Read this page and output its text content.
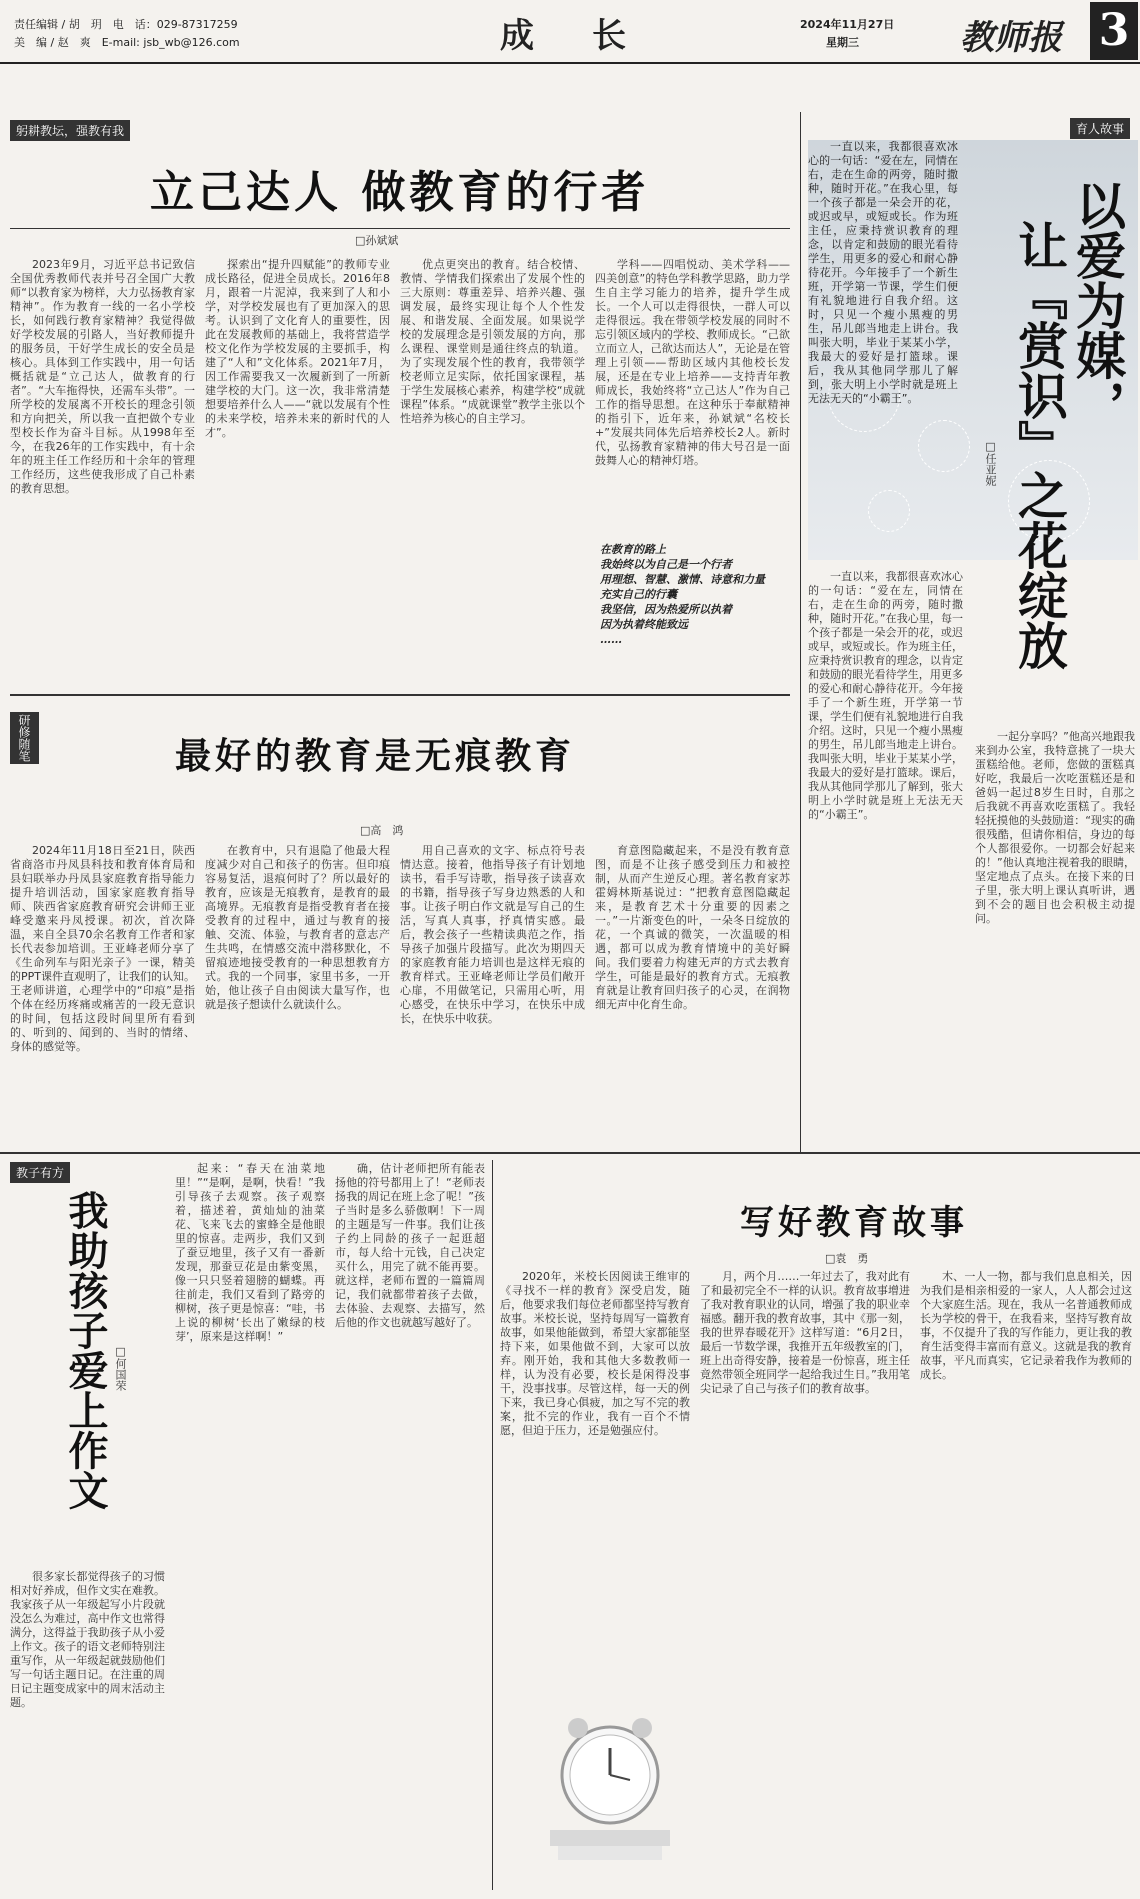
责任编辑 / 胡　玥　电　话：029-87317259
美　编 / 赵　爽　E-mail: jsb_wb@126.com	成　长	2024年11月27日
星期三	教师报 3
躬耕教坛，强教有我
立己达人 做教育的行者
□孙斌斌

2023年9月，习近平总书记致信全国优秀教师代表并号召全国广大教师“以教育家为榜样，大力弘扬教育家精神”。作为教育一线的一名小学校长，如何践行教育家精神？我觉得做好学校发展的引路人，当好教师提升的服务员，干好学生成长的安全员是核心。具体到工作实践中，用一句话概括就是“立己达人，做教育的行者”。“大车拖得快，还需车头带”。一所学校的发展离不开校长的理念引领和方向把关，所以我一直把做个专业型校长作为奋斗目标。从1998年至今，在我26年的工作实践中，有十余年的班主任工作经历和十余年的管理工作经历，这些使我形成了自己朴素的教育思想。

探索出“提升四赋能”的教师专业成长路径，促进全员成长。2016年8月，跟着一片泥淖，我来到了人和小学，对学校发展也有了更加深入的思考。认识到了文化育人的重要性，因此在发展教师的基础上，我将营造学校文化作为学校发展的主要抓手，构建了“人和”文化体系。2021年7月，因工作需要我又一次履新到了一所新建学校的大门。这一次，我非常清楚想要培养什么人——“就以发展有个性的未来学校，培养未来的新时代的人才”。

优点更突出的教育。结合校情、教情、学情我们探索出了发展个性的三大原则：尊重差异、培养兴趣、强调发展，最终实现让每个人个性发展、和谐发展、全面发展。如果说学校的发展理念是引领发展的方向，那么课程、课堂则是通往终点的轨道。为了实现发展个性的教育，我带领学校老师立足实际，依托国家课程，基于学生发展核心素养，构建学校“成就课程”体系。“成就课堂”教学主张以个性培养为核心的自主学习。

学科——四唱悦动、美术学科——四美创意”的特色学科教学思路，助力学生自主学习能力的培养，提升学生成长。一个人可以走得很快，一群人可以走得很远。我在带领学校发展的同时不忘引领区域内的学校、教师成长。“己欲立而立人，己欲达而达人”，无论是在管理上引领——帮助区域内其他校长发展，还是在专业上培养——支持青年教师成长，我始终将“立己达人”作为自己工作的指导思想。在这种乐于奉献精神的指引下，近年来，孙斌斌“名校长+”发展共同体先后培养校长2人。新时代，弘扬教育家精神的伟大号召是一面鼓舞人心的精神灯塔。

在教育的路上
我始终以为自己是一个行者
用理想、智慧、激情、诗意和力量
充实自己的行囊
我坚信，因为热爱所以执着
因为执着终能致远
……
研修随笔	最好的教育是无痕教育
□高　鸿

2024年11月18日至21日，陕西省商洛市丹凤县科技和教育体育局和县妇联举办丹凤县家庭教育指导能力提升培训活动，国家家庭教育指导师、陕西省家庭教育研究会讲师王亚峰受邀来丹凤授课。初次，首次降温，来自全县70余名教育工作者和家长代表参加培训。王亚峰老师分享了《生命列车与阳光亲子》一课，精美的PPT课件直观明了，让我们的认知。王老师讲道，心理学中的“印痕”是指个体在经历疼痛或痛苦的一段无意识的时间，包括这段时间里所有看到的、听到的、闻到的、当时的情绪、身体的感觉等。

在教育中，只有退隐了他最大程度减少对自己和孩子的伤害。但印痕容易复活，退痕何时了？所以最好的教育，应该是无痕教育，是教育的最高境界。无痕教育是指受教育者在接受教育的过程中，通过与教育的接触、交流、体验，与教育者的意志产生共鸣，在情感交流中潜移默化，不留痕迹地接受教育的一种思想教育方式。我的一个同事，家里书多，一开始，他让孩子自由阅读大量写作，也就是孩子想读什么就读什么。

用自己喜欢的文字、标点符号表情达意。接着，他指导孩子有计划地读书，看手写诗歌，指导孩子读喜欢的书籍，指导孩子写身边熟悉的人和事。让孩子明白作文就是写自己的生活，写真人真事，抒真情实感。最后，教会孩子一些精读典范之作，指导孩子加强片段描写。此次为期四天的家庭教育能力培训也是这样无痕的教育样式。王亚峰老师让学员们敞开心扉，不用做笔记，只需用心听，用心感受，在快乐中学习，在快乐中成长，在快乐中收获。

育意图隐藏起来，不是没有教育意图，而是不让孩子感受到压力和被控制，从而产生逆反心理。著名教育家苏霍姆林斯基说过：“把教育意图隐藏起来，是教育艺术十分重要的因素之一。”一片渐变色的叶，一朵冬日绽放的花，一个真诚的微笑，一次温暖的相遇，都可以成为教育情境中的美好瞬间。我们要着力构建无声的方式去教育学生，可能是最好的教育方式。无痕教育就是让教育回归孩子的心灵，在润物细无声中化育生命。

育人故事

一直以来，我都很喜欢冰心的一句话：“爱在左，同情在右，走在生命的两旁，随时撒种，随时开花。”在我心里，每一个孩子都是一朵会开的花，或迟或早，或短或长。作为班主任，应秉持赏识教育的理念，以肯定和鼓励的眼光看待学生，用更多的爱心和耐心静待花开。今年接手了一个新生班，开学第一节课，学生们便有礼貌地进行自我介绍。这时，只见一个瘦小黑瘦的男生，吊儿郎当地走上讲台。我叫张大明，毕业于某某小学，我最大的爱好是打篮球。课后，我从其他同学那儿了解到，张大明上小学时就是班上无法无天的“小霸王”。	以爱为媒，
让『赏识』之花绽放
□任亚妮

一直以来，我都很喜欢冰心的一句话：“爱在左，同情在右，走在生命的两旁，随时撒种，随时开花。”在我心里，每一个孩子都是一朵会开的花，或迟或早，或短或长。作为班主任，应秉持赏识教育的理念，以肯定和鼓励的眼光看待学生，用更多的爱心和耐心静待花开。今年接手了一个新生班，开学第一节课，学生们便有礼貌地进行自我介绍。这时，只见一个瘦小黑瘦的男生，吊儿郎当地走上讲台。我叫张大明，毕业于某某小学，我最大的爱好是打篮球。课后，我从其他同学那儿了解到，张大明上小学时就是班上无法无天的“小霸王”。

一起分享吗？”他高兴地跟我来到办公室，我特意挑了一块大蛋糕给他。老师，您做的蛋糕真好吃，我最后一次吃蛋糕还是和爸妈一起过8岁生日时，自那之后我就不再喜欢吃蛋糕了。我轻轻抚摸他的头鼓励道：“现实的确很残酷，但请你相信，身边的每个人都很爱你。一切都会好起来的！”他认真地注视着我的眼睛，坚定地点了点头。在接下来的日子里，张大明上课认真听讲，遇到不会的题目也会积极主动提问。

教子有方
我助孩子爱上作文 □何国荣

很多家长都觉得孩子的习惯相对好养成，但作文实在难教。我家孩子从一年级起写小片段就没怎么为难过，高中作文也常得满分，这得益于我助孩子从小爱上作文。孩子的语文老师特别注重写作，从一年级起就鼓励他们写一句话主题日记。在注重的周日记主题变成家中的周末活动主题。

起来：“春天在油菜地里！”“是啊，是啊，快看！”我引导孩子去观察。孩子观察着，描述着，黄灿灿的油菜花、飞来飞去的蜜蜂全是他眼里的惊喜。走两步，我们又到了蚕豆地里，孩子又有一番新发现，那蚕豆花是由紫变黑，像一只只竖着翅膀的蝴蝶。再往前走，我们又看到了路旁的柳树，孩子更是惊喜：“哇，书上说的柳树‘长出了嫩绿的枝芽’，原来是这样啊！”

确，估计老师把所有能表扬他的符号都用上了！“老师表扬我的周记在班上念了呢！”孩子当时是多么骄傲啊！下一周的主题是写一件事。我们让孩子约上同龄的孩子一起逛超市，每人给十元钱，自己决定买什么，用完了就不能再要。就这样，老师布置的一篇篇周记，我们就都带着孩子去做，去体验、去观察、去描写，然后他的作文也就越写越好了。

写好教育故事
□袁　勇

2020年，米校长因阅读王维审的《寻找不一样的教育》深受启发，随后，他要求我们每位老师都坚持写教育故事。米校长说，坚持每周写一篇教育故事，如果他能做到，希望大家都能坚持下来，如果他做不到，大家可以放弃。刚开始，我和其他大多数教师一样，认为没有必要，校长是闲得没事干，没事找事。尽管这样，每一天的例下来，我已身心俱疲，加之写不完的教案，批不完的作业，我有一百个不情愿，但迫于压力，还是勉强应付。

月，两个月……一年过去了，我对此有了和最初完全不一样的认识。教育故事增进了我对教育职业的认同，增强了我的职业幸福感。翻开我的教育故事，其中《那一刻，我的世界春暖花开》这样写道：“6月2日，最后一节数学课，我推开五年级教室的门，班上出奇得安静，接着是一份惊喜，班主任竟然带领全班同学一起给我过生日。”我用笔尖记录了自己与孩子们的教育故事。

木、一人一物，都与我们息息相关，因为我们是相亲相爱的一家人，人人都会过这个大家庭生活。现在，我从一名普通教师成长为学校的骨干，在我看来，坚持写教育故事，不仅提升了我的写作能力，更让我的教育生活变得丰富而有意义。这就是我的教育故事，平凡而真实，它记录着我作为教师的成长。
